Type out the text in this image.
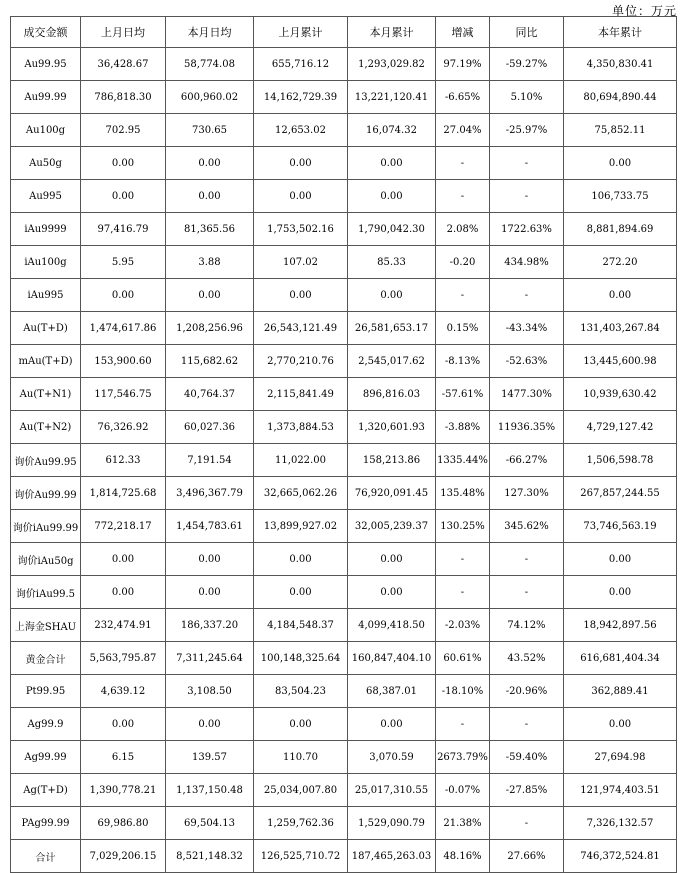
单位：万元
成交金额	上月日均	本月日均	上月累计	本月累计	增减	同比	本年累计
Au99.95	36,428.67	58,774.08	655,716.12	1,293,029.82	97.19%	-59.27%	4,350,830.41
Au99.99	786,818.30	600,960.02	14,162,729.39	13,221,120.41	-6.65%	5.10%	80,694,890.44
Au100g	702.95	730.65	12,653.02	16,074.32	27.04%	-25.97%	75,852.11
Au50g	0.00	0.00	0.00	0.00	-	-	0.00
Au995	0.00	0.00	0.00	0.00	-	-	106,733.75
iAu9999	97,416.79	81,365.56	1,753,502.16	1,790,042.30	2.08%	1722.63%	8,881,894.69
iAu100g	5.95	3.88	107.02	85.33	-0.20	434.98%	272.20
iAu995	0.00	0.00	0.00	0.00	-	-	0.00
Au(T+D)	1,474,617.86	1,208,256.96	26,543,121.49	26,581,653.17	0.15%	-43.34%	131,403,267.84
mAu(T+D)	153,900.60	115,682.62	2,770,210.76	2,545,017.62	-8.13%	-52.63%	13,445,600.98
Au(T+N1)	117,546.75	40,764.37	2,115,841.49	896,816.03	-57.61%	1477.30%	10,939,630.42
Au(T+N2)	76,326.92	60,027.36	1,373,884.53	1,320,601.93	-3.88%	11936.35%	4,729,127.42
询价Au99.95	612.33	7,191.54	11,022.00	158,213.86	1335.44%	-66.27%	1,506,598.78
询价Au99.99	1,814,725.68	3,496,367.79	32,665,062.26	76,920,091.45	135.48%	127.30%	267,857,244.55
询价iAu99.99	772,218.17	1,454,783.61	13,899,927.02	32,005,239.37	130.25%	345.62%	73,746,563.19
询价iAu50g	0.00	0.00	0.00	0.00	-	-	0.00
询价iAu99.5	0.00	0.00	0.00	0.00	-	-	0.00
上海金SHAU	232,474.91	186,337.20	4,184,548.37	4,099,418.50	-2.03%	74.12%	18,942,897.56
黄金合计	5,563,795.87	7,311,245.64	100,148,325.64	160,847,404.10	60.61%	43.52%	616,681,404.34
Pt99.95	4,639.12	3,108.50	83,504.23	68,387.01	-18.10%	-20.96%	362,889.41
Ag99.9	0.00	0.00	0.00	0.00	-	-	0.00
Ag99.99	6.15	139.57	110.70	3,070.59	2673.79%	-59.40%	27,694.98
Ag(T+D)	1,390,778.21	1,137,150.48	25,034,007.80	25,017,310.55	-0.07%	-27.85%	121,974,403.51
PAg99.99	69,986.80	69,504.13	1,259,762.36	1,529,090.79	21.38%	-	7,326,132.57
合计	7,029,206.15	8,521,148.32	126,525,710.72	187,465,263.03	48.16%	27.66%	746,372,524.81
